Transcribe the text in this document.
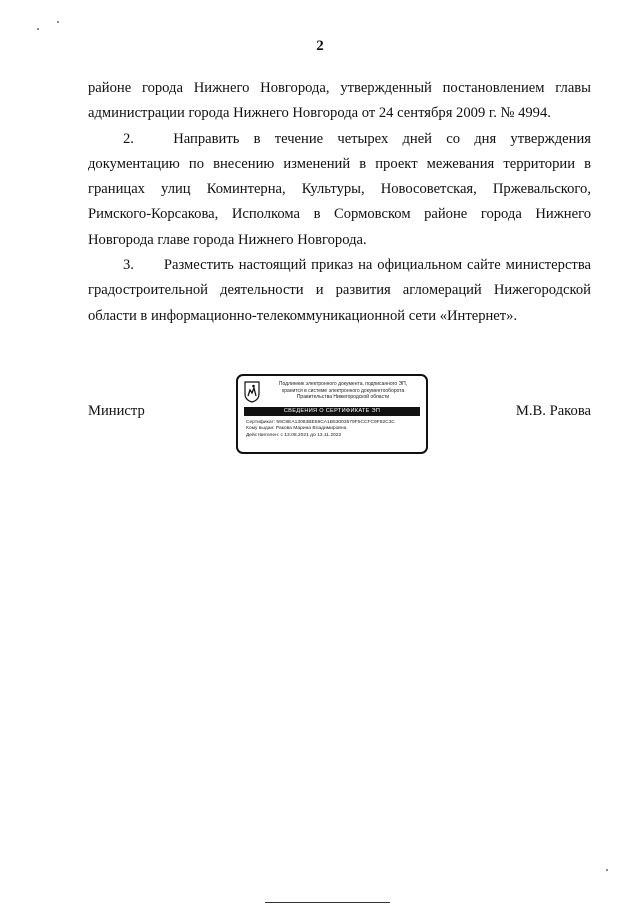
2

районе города Нижнего Новгорода, утвержденный постановлением главы администрации города Нижнего Новгорода от 24 сентября 2009 г. № 4994.

2.	Направить в течение четырех дней со дня утверждения документацию по внесению изменений в проект межевания территории в границах улиц Коминтерна, Культуры, Новосоветская, Пржевальского, Римского-Корсакова, Исполкома в Сормовском районе города Нижнего Новгорода главе города Нижнего Новгорода.

3. Разместить настоящий приказ на официальном сайте министерства градостроительной деятельности и развития агломераций Нижегородской области в информационно-телекоммуникационной сети «Интернет».

Министр	М.В. Ракова
Подлинник электронного документа, подписанного ЭП,
хранится в системе электронного документооборота
Правительства Нижегородской области
СВЕДЕНИЯ О СЕРТИФИКАТЕ ЭП
Сертификат: 59C8EA13083BE59CA1B53003579F5CCFC9F92C3C
Кому выдан: Ракова Марина Владимировна
Действителен: с 13.08.2021 до 13.11.2022
